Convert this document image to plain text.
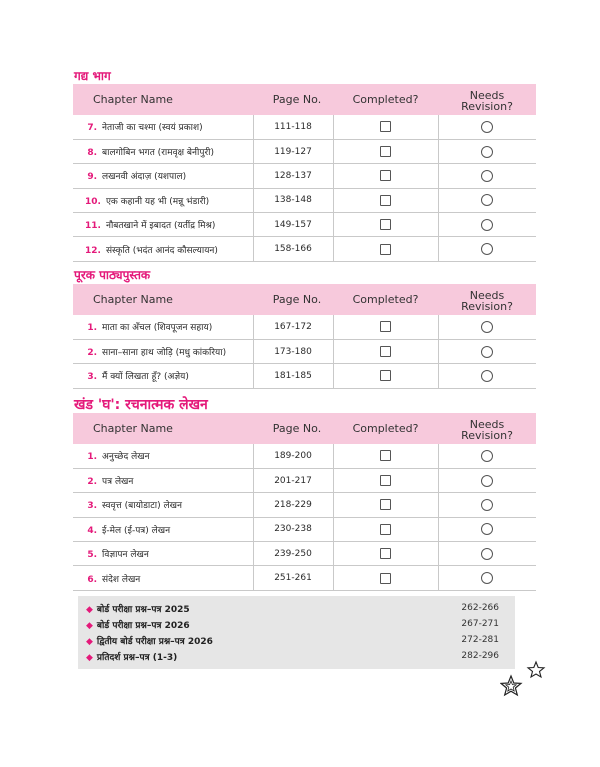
गद्य भाग
Chapter Name	Page No.	Completed?	Needs
Revision?
7. नेताजी का चश्मा (स्वयं प्रकाश)	111-118		
8. बालगोबिन भगत (रामवृक्ष बेनीपुरी)	119-127		
9. लखनवी अंदाज़ (यशपाल)	128-137		
10. एक कहानी यह भी (मन्नू भंडारी)	138-148		
11. नौबतखाने में इबादत (यतींद्र मिश्र)	149-157		
12. संस्कृति (भदंत आनंद कौसल्यायन)	158-166		
पूरक पाठ्यपुस्तक
Chapter Name	Page No.	Completed?	Needs
Revision?
1. माता का अँचल (शिवपूजन सहाय)	167-172		
2. साना–साना हाथ जोड़ि (मधु कांकरिया)	173-180		
3. मैं क्यों लिखता हूँ? (अज्ञेय)	181-185		
खंड 'घ': रचनात्मक लेखन
Chapter Name	Page No.	Completed?	Needs
Revision?
1. अनुच्छेद लेखन	189-200		
2. पत्र लेखन	201-217		
3. स्ववृत्त (बायोडाटा) लेखन	218-229		
4. ई-मेल (ई-पत्र) लेखन	230-238		
5. विज्ञापन लेखन	239-250		
6. संदेश लेखन	251-261		
◆ बोर्ड परीक्षा प्रश्न–पत्र 2025	262-266
◆ बोर्ड परीक्षा प्रश्न–पत्र 2026	267-271
◆ द्वितीय बोर्ड परीक्षा प्रश्न–पत्र 2026	272-281
◆ प्रतिदर्श प्रश्न–पत्र (1-3)	282-296
